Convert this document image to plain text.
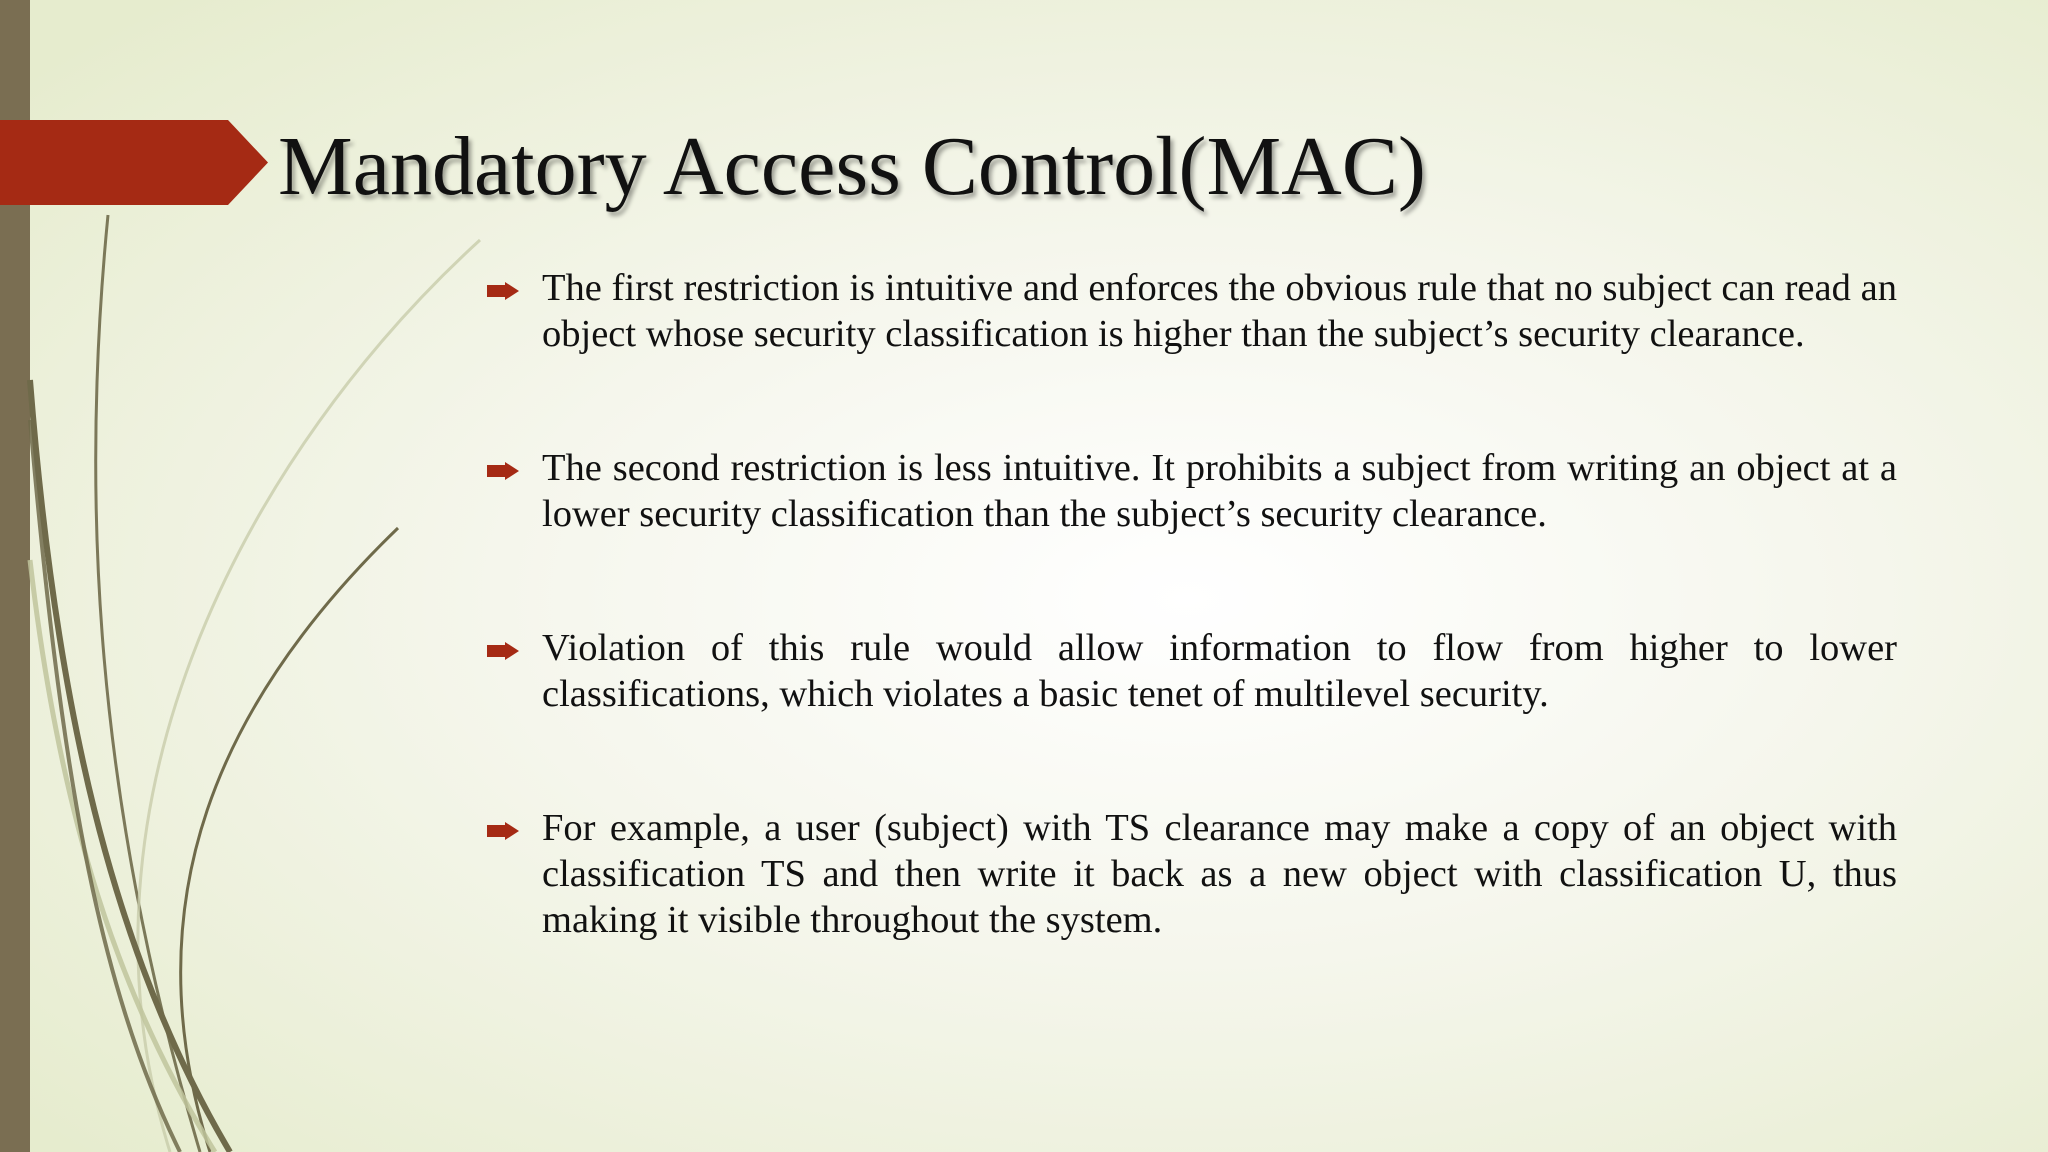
Mandatory Access Control(MAC)
The first restriction is intuitive and enforces the obvious rule that no subject can read an object whose security classification is higher than the subject’s security clearance.
The second restriction is less intuitive. It prohibits a subject from writing an object at a lower security classification than the subject’s security clearance.
Violation of this rule would allow information to flow from higher to lower classifications, which violates a basic tenet of multilevel security.
For example, a user (subject) with TS clearance may make a copy of an object with classification TS and then write it back as a new object with classification U, thus making it visible throughout the system.
